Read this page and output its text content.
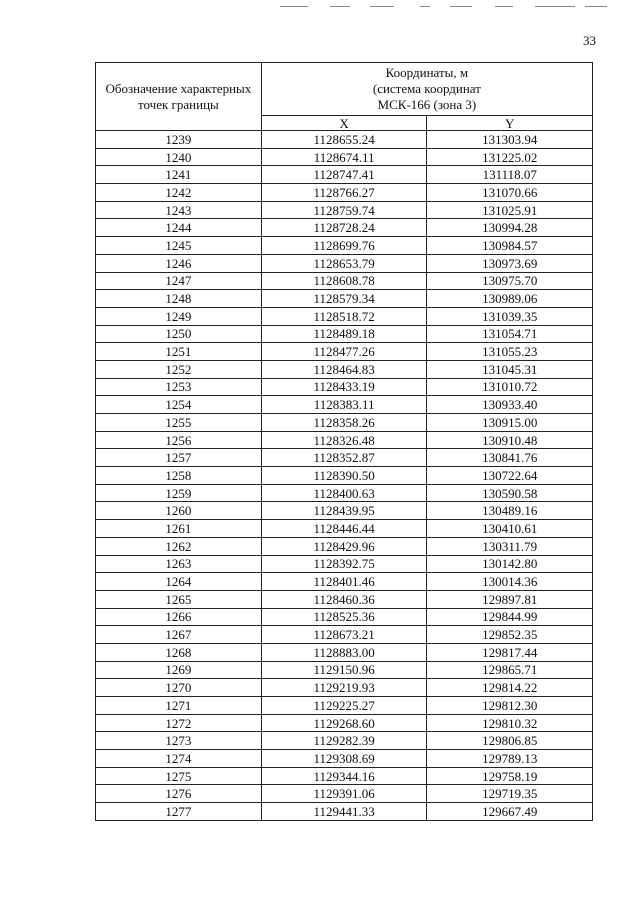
33
Обозначение характерных точек границы	Координаты, м
(система координат
МСК-166 (зона 3)	
	X	Y
1239	1128655.24	131303.94
1240	1128674.11	131225.02
1241	1128747.41	131118.07
1242	1128766.27	131070.66
1243	1128759.74	131025.91
1244	1128728.24	130994.28
1245	1128699.76	130984.57
1246	1128653.79	130973.69
1247	1128608.78	130975.70
1248	1128579.34	130989.06
1249	1128518.72	131039.35
1250	1128489.18	131054.71
1251	1128477.26	131055.23
1252	1128464.83	131045.31
1253	1128433.19	131010.72
1254	1128383.11	130933.40
1255	1128358.26	130915.00
1256	1128326.48	130910.48
1257	1128352.87	130841.76
1258	1128390.50	130722.64
1259	1128400.63	130590.58
1260	1128439.95	130489.16
1261	1128446.44	130410.61
1262	1128429.96	130311.79
1263	1128392.75	130142.80
1264	1128401.46	130014.36
1265	1128460.36	129897.81
1266	1128525.36	129844.99
1267	1128673.21	129852.35
1268	1128883.00	129817.44
1269	1129150.96	129865.71
1270	1129219.93	129814.22
1271	1129225.27	129812.30
1272	1129268.60	129810.32
1273	1129282.39	129806.85
1274	1129308.69	129789.13
1275	1129344.16	129758.19
1276	1129391.06	129719.35
1277	1129441.33	129667.49
